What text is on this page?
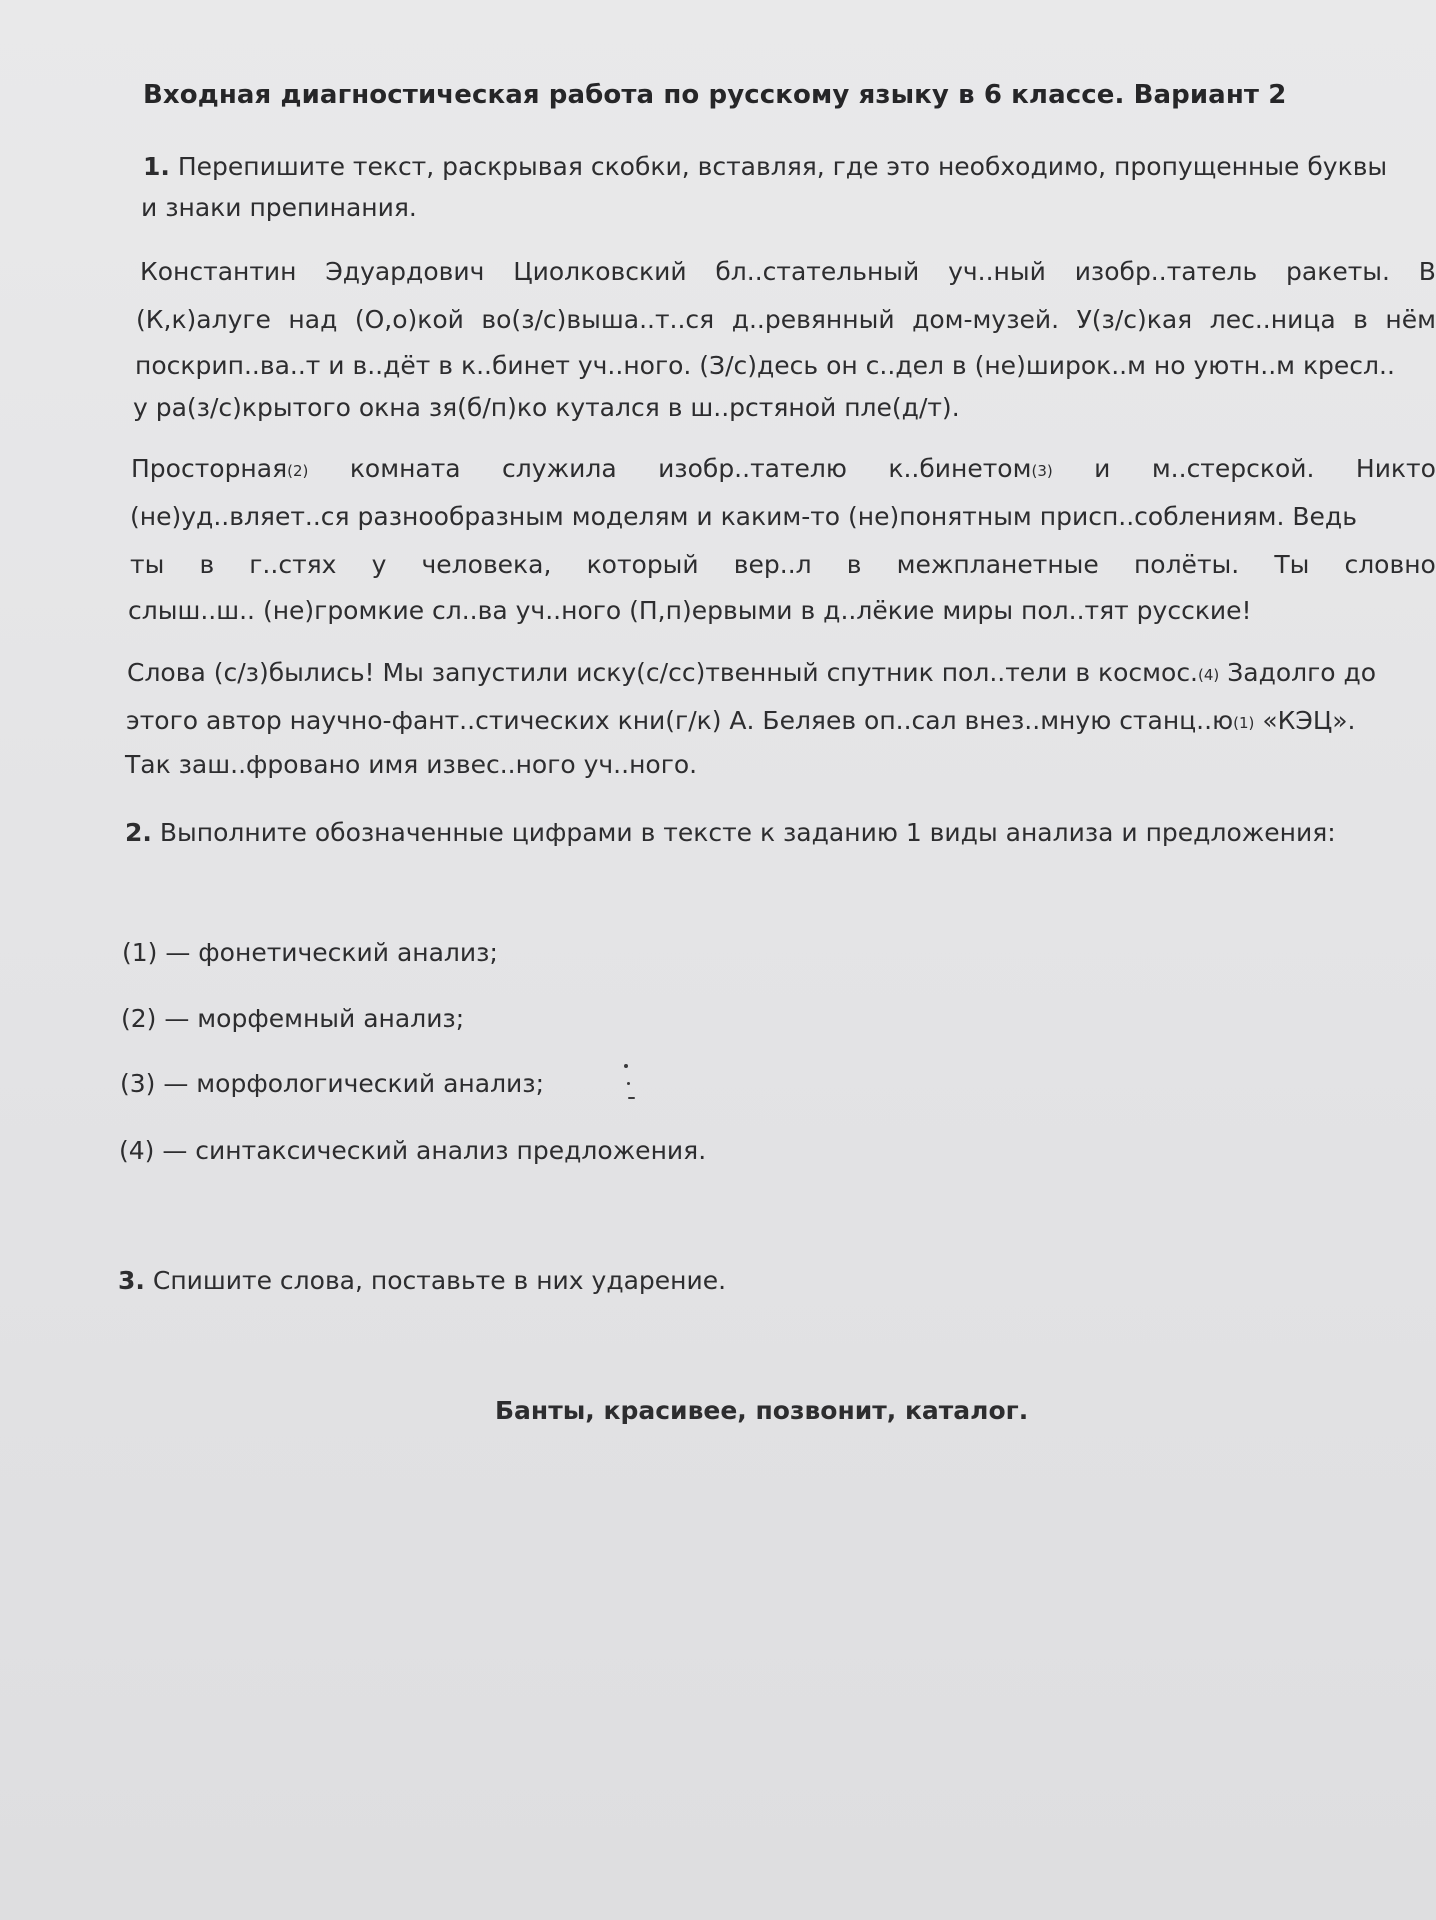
Входная диагностическая работа по русскому языку в 6 классе. Вариант 2
1. Перепишите текст, раскрывая скобки, вставляя, где это необходимо, пропущенные буквы
и знаки препинания.
Константин Эдуардович Циолковский бл..стательный уч..ный изобр..татель ракеты. В
(К,к)алуге над (О,о)кой во(з/с)выша..т..ся д..ревянный дом-музей. У(з/с)кая лес..ница в нём
поскрип..ва..т и в..дёт в к..бинет уч..ного. (З/с)десь он с..дел в (не)широк..м но уютн..м кресл..
у ра(з/с)крытого окна зя(б/п)ко кутался в ш..рстяной пле(д/т).
Просторная(2) комната служила изобр..тателю к..бинетом(3) и м..стерской. Никто
(не)уд..вляет..ся разнообразным моделям и каким-то (не)понятным присп..соблениям. Ведь
ты в г..стях у человека, который вер..л в межпланетные полёты. Ты словно
слыш..ш.. (не)громкие сл..ва уч..ного (П,п)ервыми в д..лёкие миры пол..тят русские!
Слова (с/з)былись! Мы запустили иску(с/сс)твенный спутник пол..тели в космос.(4) Задолго до
этого автор научно-фант..стических кни(г/к) А. Беляев оп..сал внез..мную станц..ю(1) «КЭЦ».
Так заш..фровано имя извес..ного уч..ного.
2. Выполните обозначенные цифрами в тексте к заданию 1 виды анализа и предложения:
(1) — фонетический анализ;
(2) — морфемный анализ;
(3) — морфологический анализ;
(4) — синтаксический анализ предложения.
3. Спишите слова, поставьте в них ударение.
Банты, красивее, позвонит, каталог.
